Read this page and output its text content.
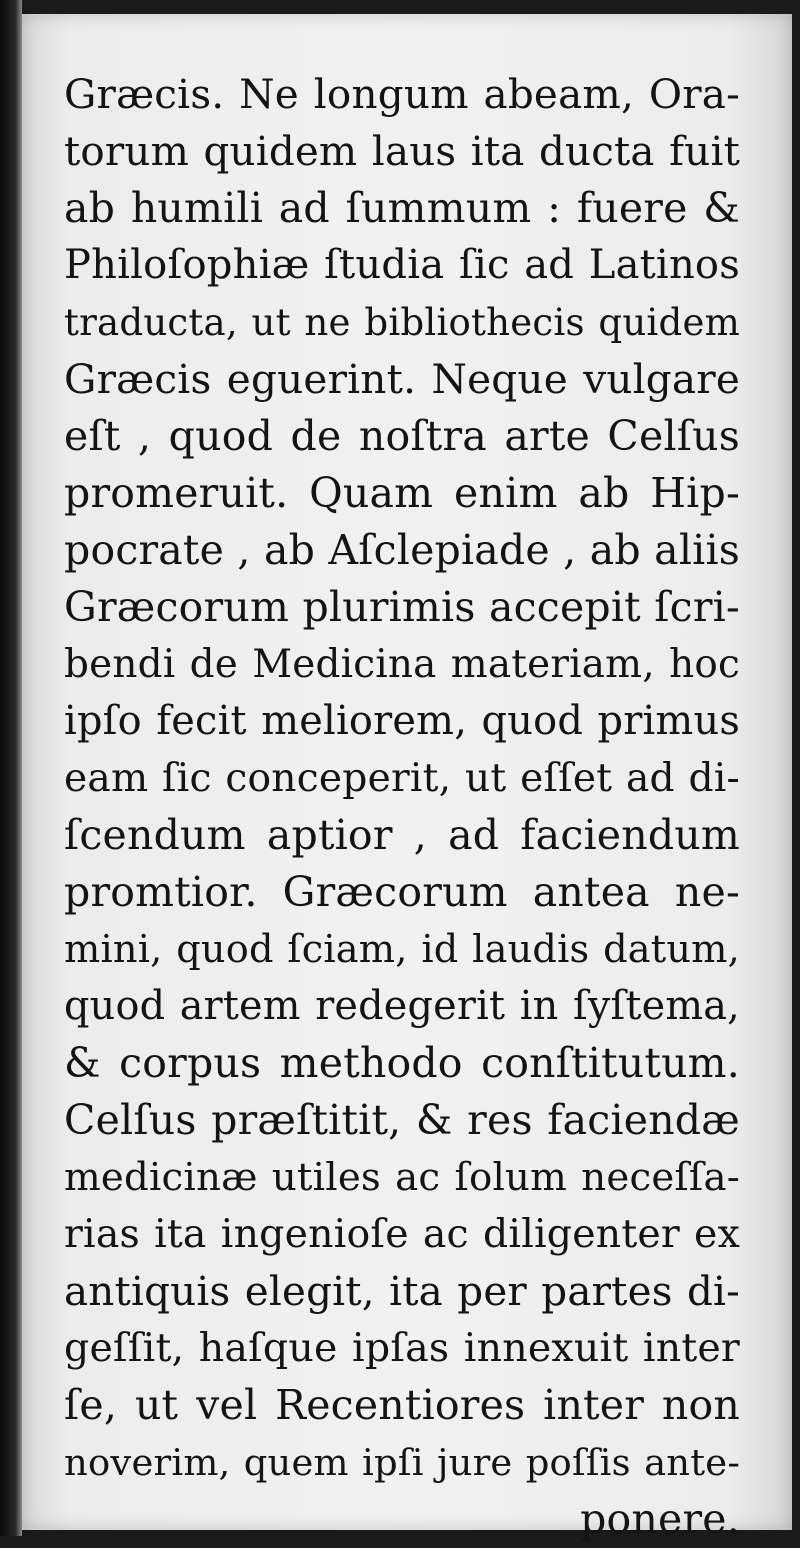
Græcis. Ne longum abeam, Ora-
torum quidem laus ita ducta fuit
ab humili ad ſummum : fuere &
Philoſophiæ ſtudia ſic ad Latinos
traducta, ut ne bibliothecis quidem
Græcis eguerint. Neque vulgare
eſt , quod de noſtra arte Celſus
promeruit. Quam enim ab Hip-
pocrate , ab Aſclepiade , ab aliis
Græcorum plurimis accepit ſcri-
bendi de Medicina materiam, hoc
ipſo fecit meliorem, quod primus
eam ſic conceperit, ut eſſet ad di-
ſcendum aptior , ad faciendum
promtior. Græcorum antea ne-
mini, quod ſciam, id laudis datum,
quod artem redegerit in ſyſtema,
& corpus methodo conſtitutum.
Celſus præſtitit, & res faciendæ
medicinæ utiles ac ſolum neceſſa-
rias ita ingenioſe ac diligenter ex
antiquis elegit, ita per partes di-
geſſit, haſque ipſas innexuit inter
ſe, ut vel Recentiores inter non
noverim, quem ipſi jure poſſis ante-
ponere.
